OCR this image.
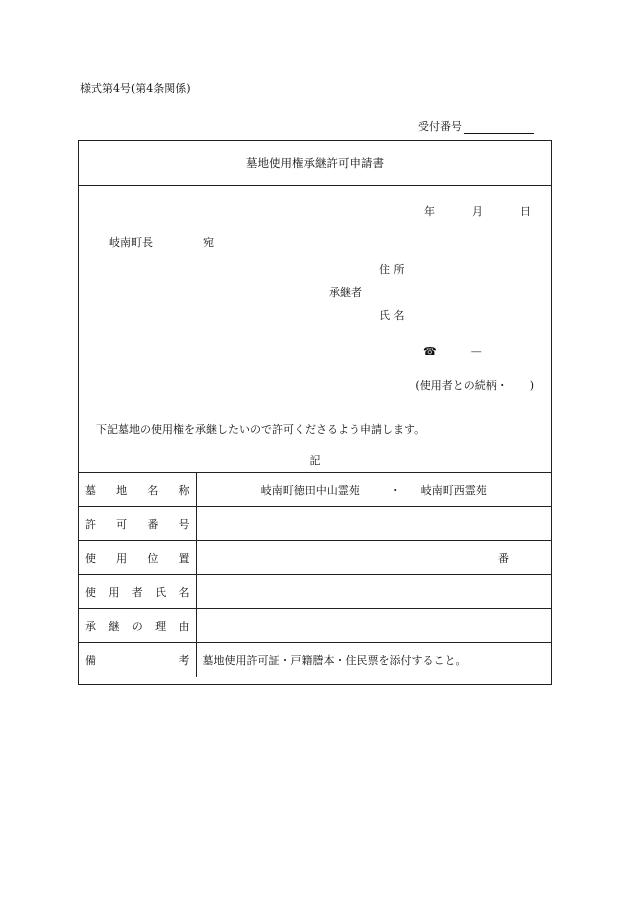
様式第4号(第4条関係)
受付番号
墓地使用権承継許可申請書
年	月	日
岐南町長	宛
住 所
承継者
氏 名
☎	—
(使用者との続柄・　　)
下記墓地の使用権を承継したいので許可くださるよう申請します。
記
墓 地 名 称	岐南町徳田中山霊苑 ・ 岐南町西霊苑

許 可 番 号	

使 用 位 置	番

使 用 者 氏 名	

承 継 の 理 由	

備 考	墓地使用許可証・戸籍謄本・住民票を添付すること。
